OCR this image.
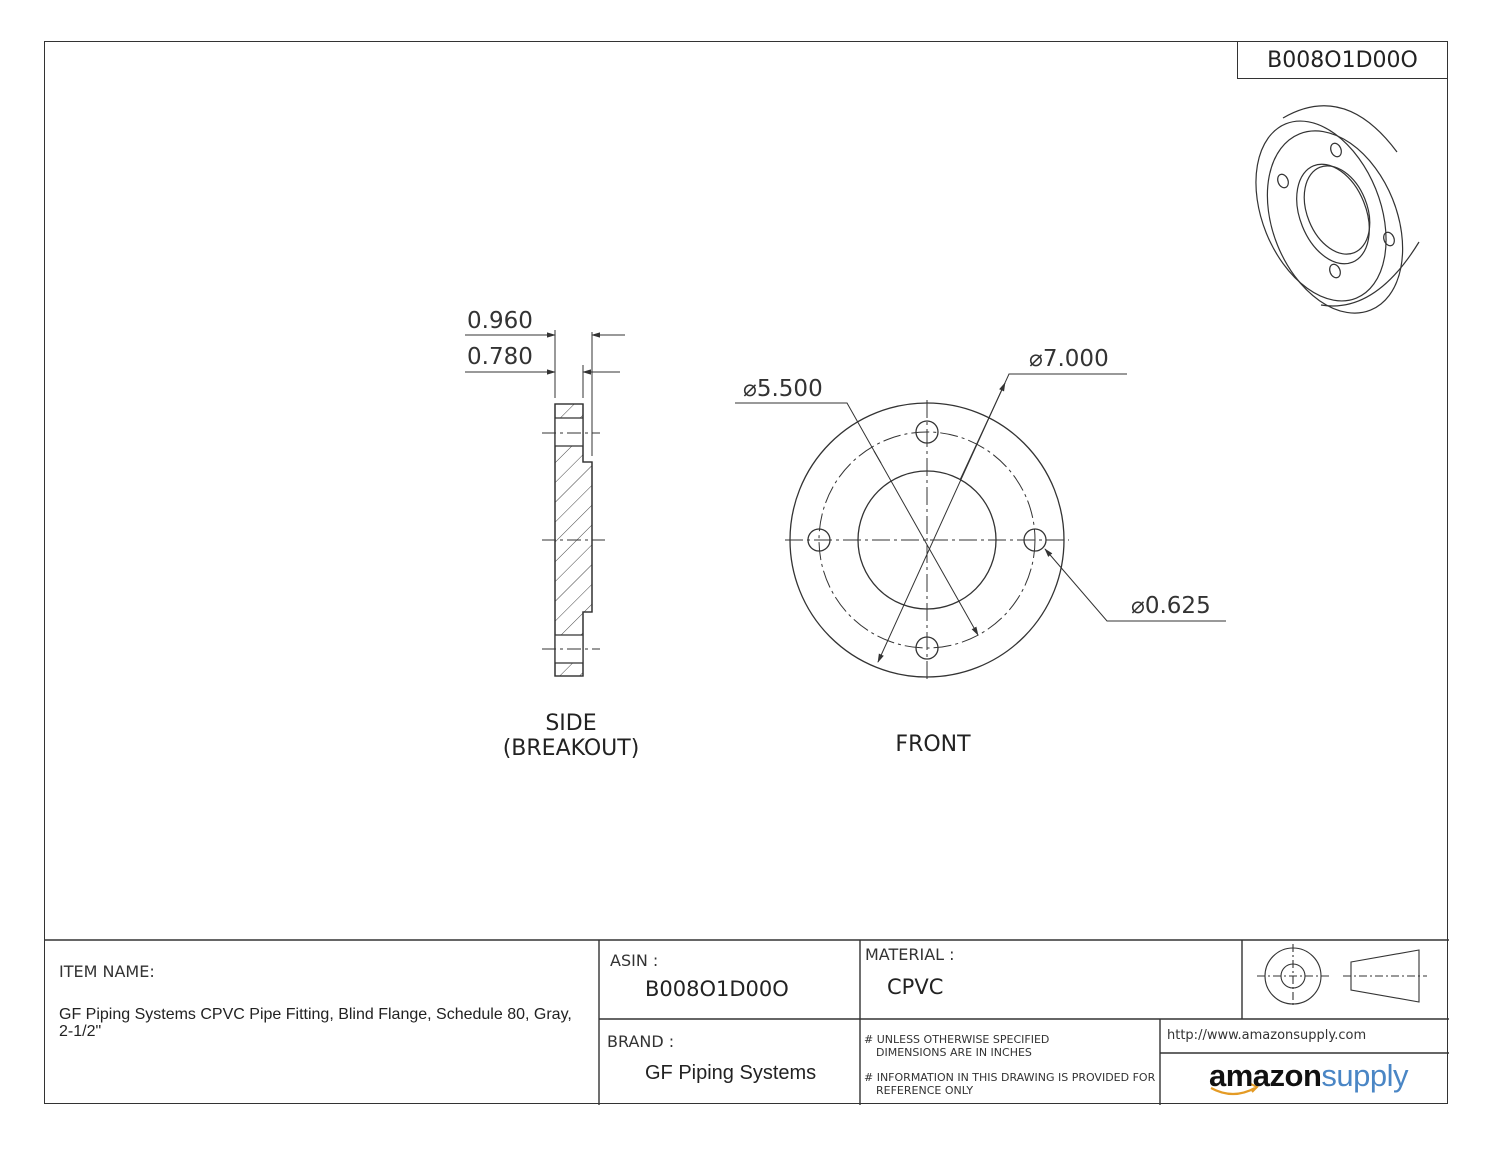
B008O1D00O
0.960
0.780	⌀7.000
⌀5.500
⌀0.625
SIDE
(BREAKOUT)	FRONT
ITEM NAME:
GF Piping Systems CPVC Pipe Fitting, Blind Flange, Schedule 80, Gray, 2-1/2"
ASIN :
B008O1D00O
MATERIAL :
CPVC
BRAND :
GF Piping Systems
# UNLESS OTHERWISE SPECIFIED
DIMENSIONS ARE IN INCHES
# INFORMATION IN THIS DRAWING IS PROVIDED FOR
REFERENCE ONLY
http://www.amazonsupply.com
amazonsupply
